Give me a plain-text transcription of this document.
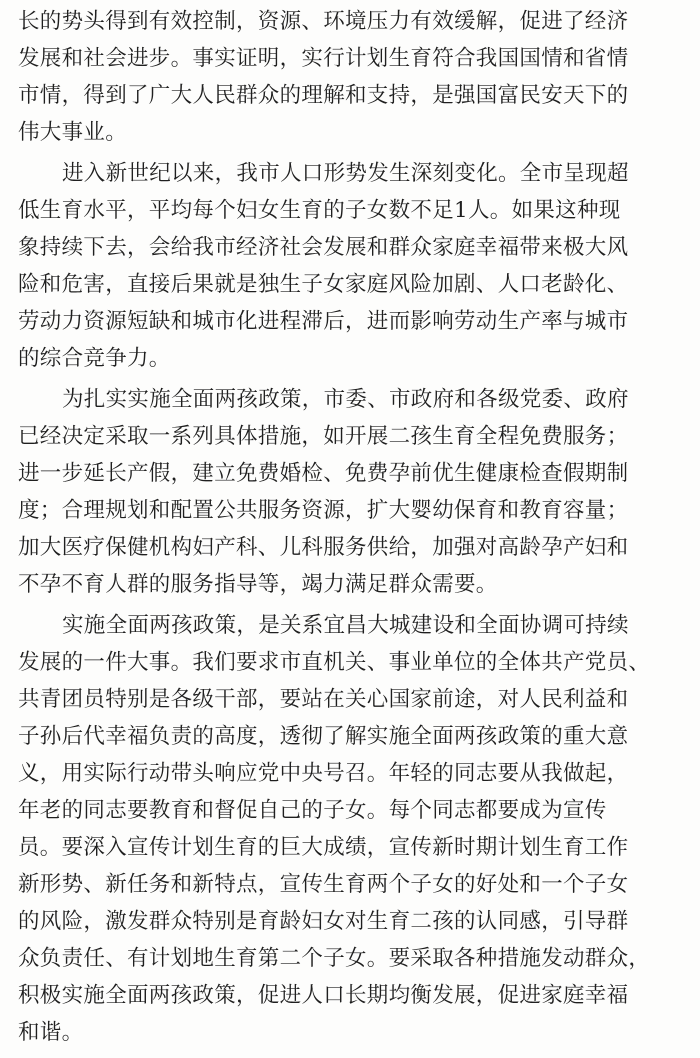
长的势头得到有效控制，资源、环境压力有效缓解，促进了经济
发展和社会进步。事实证明，实行计划生育符合我国国情和省情
市情，得到了广大人民群众的理解和支持，是强国富民安天下的
伟大事业。
进入新世纪以来，我市人口形势发生深刻变化。全市呈现超
低生育水平，平均每个妇女生育的子女数不足1人。如果这种现
象持续下去，会给我市经济社会发展和群众家庭幸福带来极大风
险和危害，直接后果就是独生子女家庭风险加剧、人口老龄化、
劳动力资源短缺和城市化进程滞后，进而影响劳动生产率与城市
的综合竞争力。
为扎实实施全面两孩政策，市委、市政府和各级党委、政府
已经决定采取一系列具体措施，如开展二孩生育全程免费服务；
进一步延长产假，建立免费婚检、免费孕前优生健康检查假期制
度；合理规划和配置公共服务资源，扩大婴幼保育和教育容量；
加大医疗保健机构妇产科、儿科服务供给，加强对高龄孕产妇和
不孕不育人群的服务指导等，竭力满足群众需要。
实施全面两孩政策，是关系宜昌大城建设和全面协调可持续
发展的一件大事。我们要求市直机关、事业单位的全体共产党员、
共青团员特别是各级干部，要站在关心国家前途，对人民利益和
子孙后代幸福负责的高度，透彻了解实施全面两孩政策的重大意
义，用实际行动带头响应党中央号召。年轻的同志要从我做起，
年老的同志要教育和督促自己的子女。每个同志都要成为宣传
员。要深入宣传计划生育的巨大成绩，宣传新时期计划生育工作
新形势、新任务和新特点，宣传生育两个子女的好处和一个子女
的风险，激发群众特别是育龄妇女对生育二孩的认同感，引导群
众负责任、有计划地生育第二个子女。要采取各种措施发动群众，
积极实施全面两孩政策，促进人口长期均衡发展，促进家庭幸福
和谐。
